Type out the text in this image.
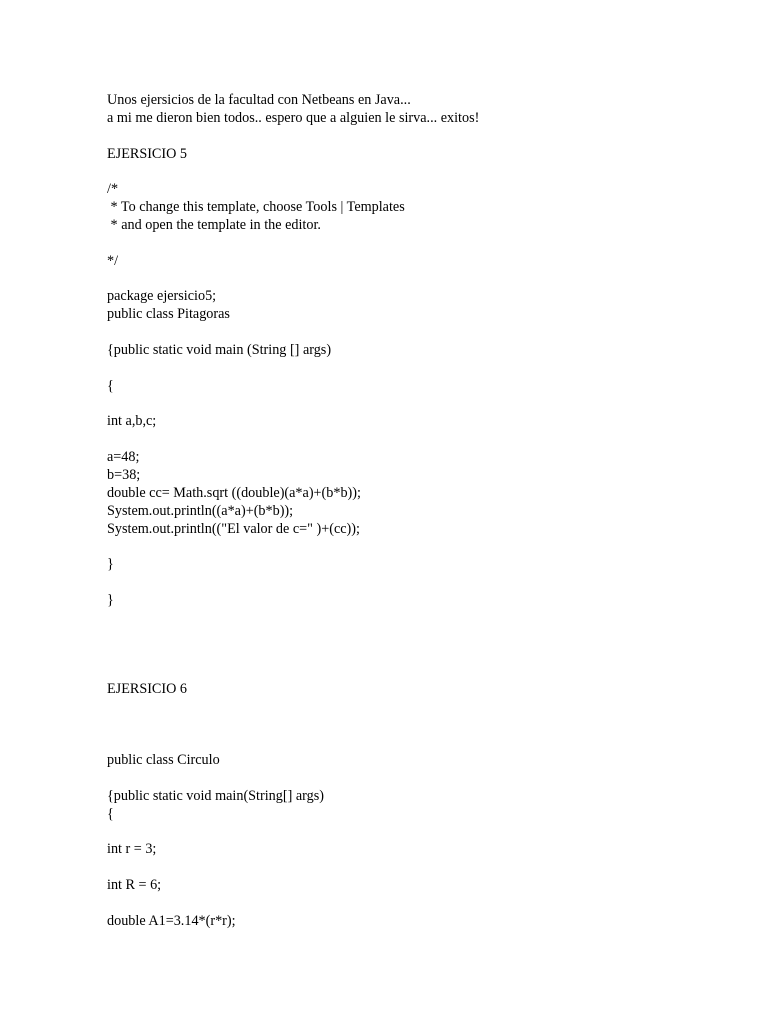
Unos ejersicios de la facultad con Netbeans en Java...

a mi me dieron bien todos.. espero que a alguien le sirva... exitos!

EJERSICIO 5

/*

* To change this template, choose Tools | Templates

* and open the template in the editor.

*/

package ejersicio5;

public class Pitagoras

{public static void main (String [] args)

{

int a,b,c;

a=48;

b=38;

double cc= Math.sqrt ((double)(a*a)+(b*b));

System.out.println((a*a)+(b*b));

System.out.println(("El valor de c=" )+(cc));

}

}

EJERSICIO 6

public class Circulo

{public static void main(String[] args)

{

int r = 3;

int R = 6;

double A1=3.14*(r*r);
